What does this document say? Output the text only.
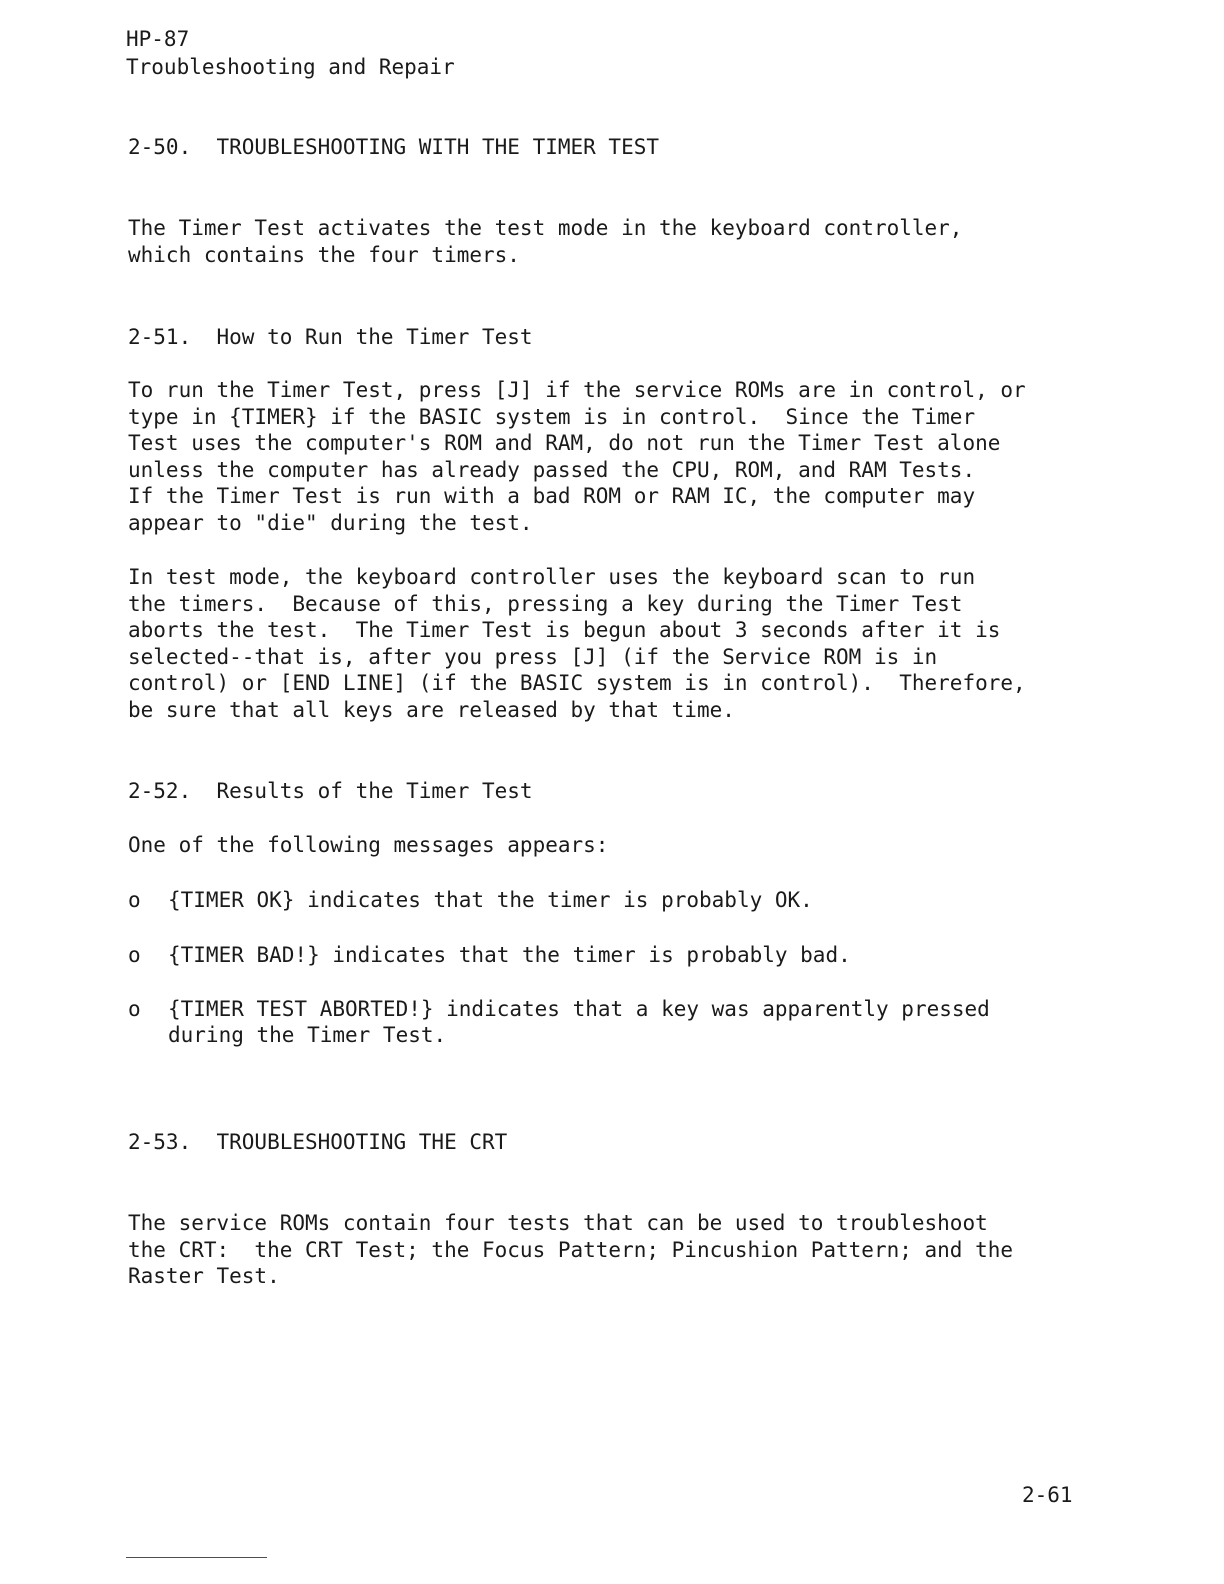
HP-87
Troubleshooting and Repair
2-50.  TROUBLESHOOTING WITH THE TIMER TEST

The Timer Test activates the test mode in the keyboard controller,
which contains the four timers.

2-51.  How to Run the Timer Test

To run the Timer Test, press [J] if the service ROMs are in control, or
type in {TIMER} if the BASIC system is in control.  Since the Timer
Test uses the computer's ROM and RAM, do not run the Timer Test alone
unless the computer has already passed the CPU, ROM, and RAM Tests.
If the Timer Test is run with a bad ROM or RAM IC, the computer may
appear to "die" during the test.

In test mode, the keyboard controller uses the keyboard scan to run
the timers.  Because of this, pressing a key during the Timer Test
aborts the test.  The Timer Test is begun about 3 seconds after it is
selected--that is, after you press [J] (if the Service ROM is in
control) or [END LINE] (if the BASIC system is in control).  Therefore,
be sure that all keys are released by that time.

2-52.  Results of the Timer Test
One of the following messages appears:
o {TIMER OK} indicates that the timer is probably OK.
o {TIMER BAD!} indicates that the timer is probably bad.
o {TIMER TEST ABORTED!} indicates that a key was apparently pressed
during the Timer Test.
2-53.  TROUBLESHOOTING THE CRT

The service ROMs contain four tests that can be used to troubleshoot
the CRT:  the CRT Test; the Focus Pattern; Pincushion Pattern; and the
Raster Test.

2-61
